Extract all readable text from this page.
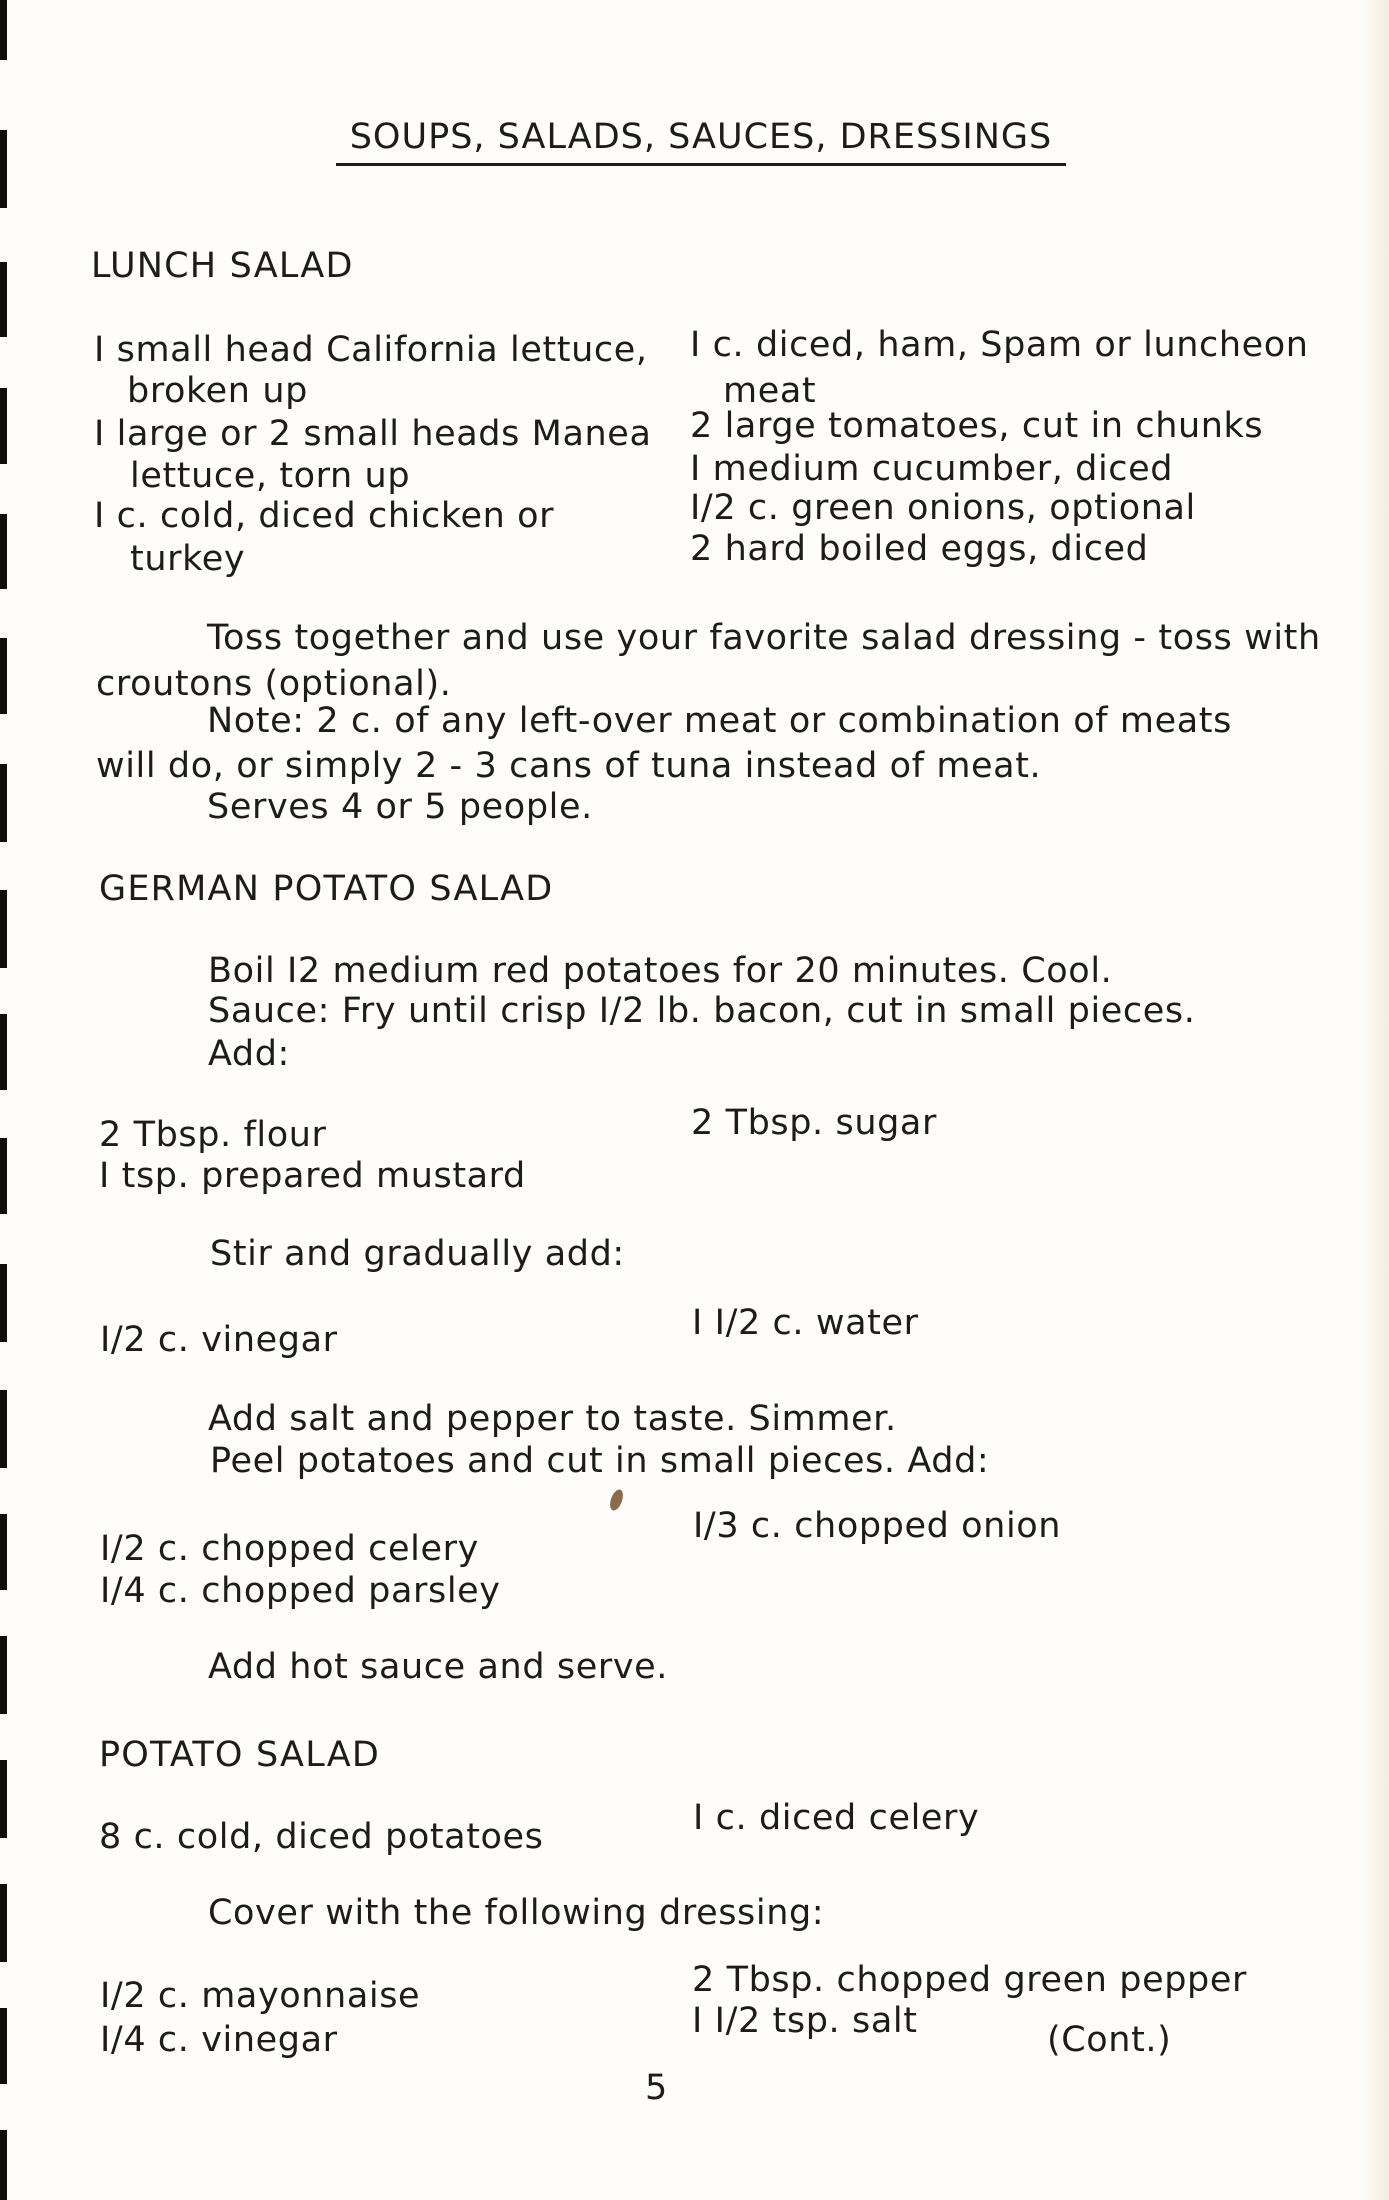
SOUPS, SALADS, SAUCES, DRESSINGS
LUNCH SALAD
I small head California lettuce,
broken up
I large or 2 small heads Manea
lettuce, torn up
I c. cold, diced chicken or
turkey
I c. diced, ham, Spam or luncheon
meat
2 large tomatoes, cut in chunks
I medium cucumber, diced
I/2 c. green onions, optional
2 hard boiled eggs, diced
Toss together and use your favorite salad dressing - toss with
croutons (optional).
Note: 2 c. of any left-over meat or combination of meats
will do, or simply 2 - 3 cans of tuna instead of meat.
Serves 4 or 5 people.
GERMAN POTATO SALAD
Boil I2 medium red potatoes for 20 minutes. Cool.
Sauce: Fry until crisp I/2 lb. bacon, cut in small pieces.
Add:
2 Tbsp. flour
I tsp. prepared mustard
2 Tbsp. sugar
Stir and gradually add:
I/2 c. vinegar	I I/2 c. water
Add salt and pepper to taste. Simmer.
Peel potatoes and cut in small pieces. Add:
I/2 c. chopped celery
I/4 c. chopped parsley
I/3 c. chopped onion
Add hot sauce and serve.
POTATO SALAD
8 c. cold, diced potatoes	I c. diced celery
Cover with the following dressing:
I/2 c. mayonnaise
I/4 c. vinegar
2 Tbsp. chopped green pepper
I I/2 tsp. salt	(Cont.)
5
